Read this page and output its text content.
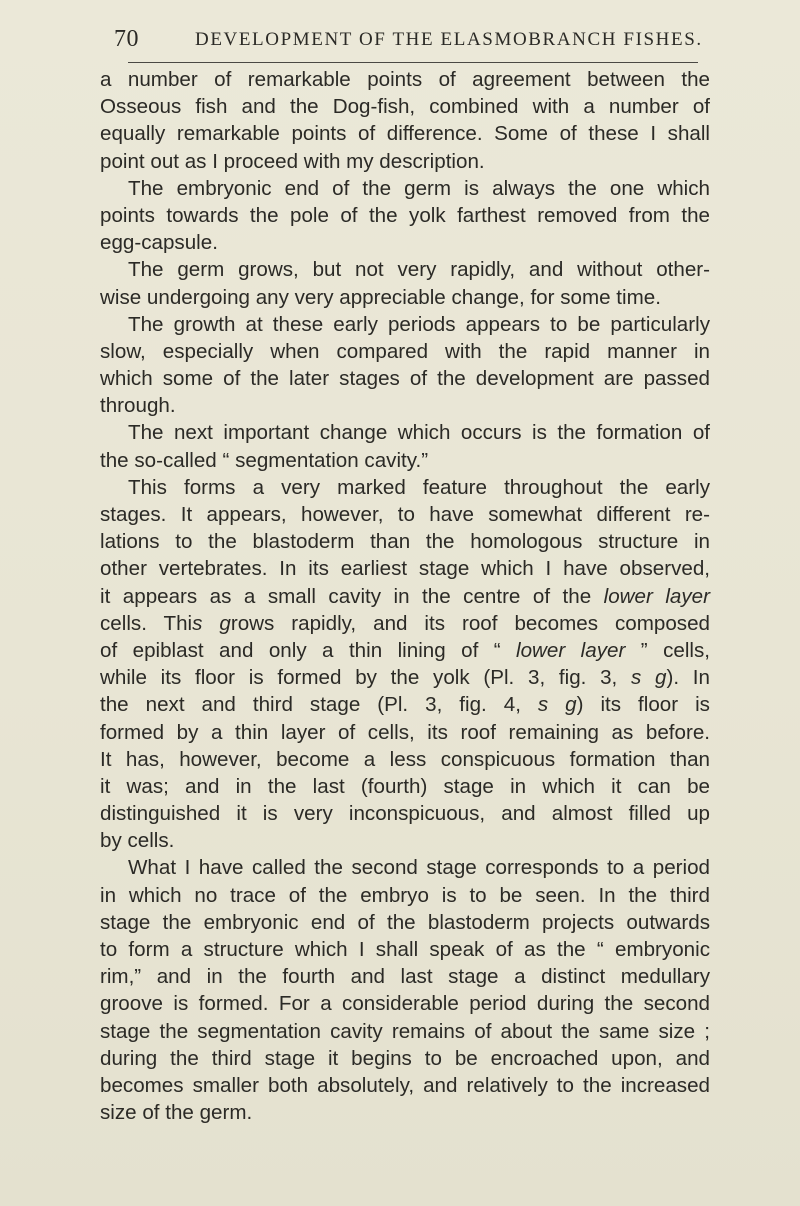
70	DEVELOPMENT OF THE ELASMOBRANCH FISHES.
a number of remarkable points of agreement between the
Osseous fish and the Dog-fish, combined with a number of
equally remarkable points of difference. Some of these I shall
point out as I proceed with my description.
The embryonic end of the germ is always the one which
points towards the pole of the yolk farthest removed from the
egg-capsule.
The germ grows, but not very rapidly, and without other-
wise undergoing any very appreciable change, for some time.
The growth at these early periods appears to be particularly
slow, especially when compared with the rapid manner in
which some of the later stages of the development are passed
through.
The next important change which occurs is the formation of
the so-called “ segmentation cavity.”
This forms a very marked feature throughout the early
stages. It appears, however, to have somewhat different re-
lations to the blastoderm than the homologous structure in
other vertebrates. In its earliest stage which I have observed,
it appears as a small cavity in the centre of the lower layer
cells. This grows rapidly, and its roof becomes composed
of epiblast and only a thin lining of “ lower layer ” cells,
while its floor is formed by the yolk (Pl. 3, fig. 3, s g). In
the next and third stage (Pl. 3, fig. 4, s g) its floor is
formed by a thin layer of cells, its roof remaining as before.
It has, however, become a less conspicuous formation than
it was; and in the last (fourth) stage in which it can be
distinguished it is very inconspicuous, and almost filled up
by cells.
What I have called the second stage corresponds to a period
in which no trace of the embryo is to be seen. In the third
stage the embryonic end of the blastoderm projects outwards
to form a structure which I shall speak of as the “ embryonic
rim,” and in the fourth and last stage a distinct medullary
groove is formed. For a considerable period during the second
stage the segmentation cavity remains of about the same size ;
during the third stage it begins to be encroached upon, and
becomes smaller both absolutely, and relatively to the increased
size of the germ.
